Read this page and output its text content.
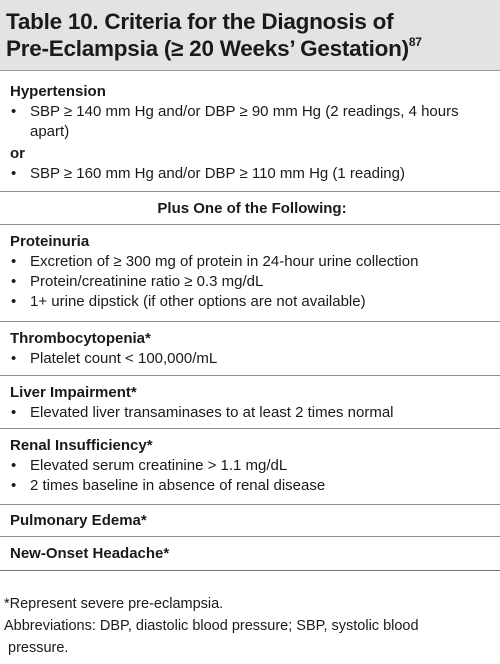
Table 10. Criteria for the Diagnosis of
Pre-Eclampsia (≥ 20 Weeks’ Gestation)$^{87}$

Hypertension
• SBP ≥ 140 mm Hg and/or DBP ≥ 90 mm Hg (2 readings, 4 hours
apart)
or
• SBP ≥ 160 mm Hg and/or DBP ≥ 110 mm Hg (1 reading)
Plus One of the Following:
Proteinuria
• Excretion of ≥ 300 mg of protein in 24-hour urine collection
• Protein/creatinine ratio ≥ 0.3 mg/dL
• 1+ urine dipstick (if other options are not available)
Thrombocytopenia*
• Platelet count < 100,000/mL
Liver Impairment*
• Elevated liver transaminases to at least 2 times normal
Renal Insufficiency*
• Elevated serum creatinine > 1.1 mg/dL
• 2 times baseline in absence of renal disease
Pulmonary Edema*
New-Onset Headache*

*Represent severe pre-eclampsia.

Abbreviations: DBP, diastolic blood pressure; SBP, systolic blood

pressure.
